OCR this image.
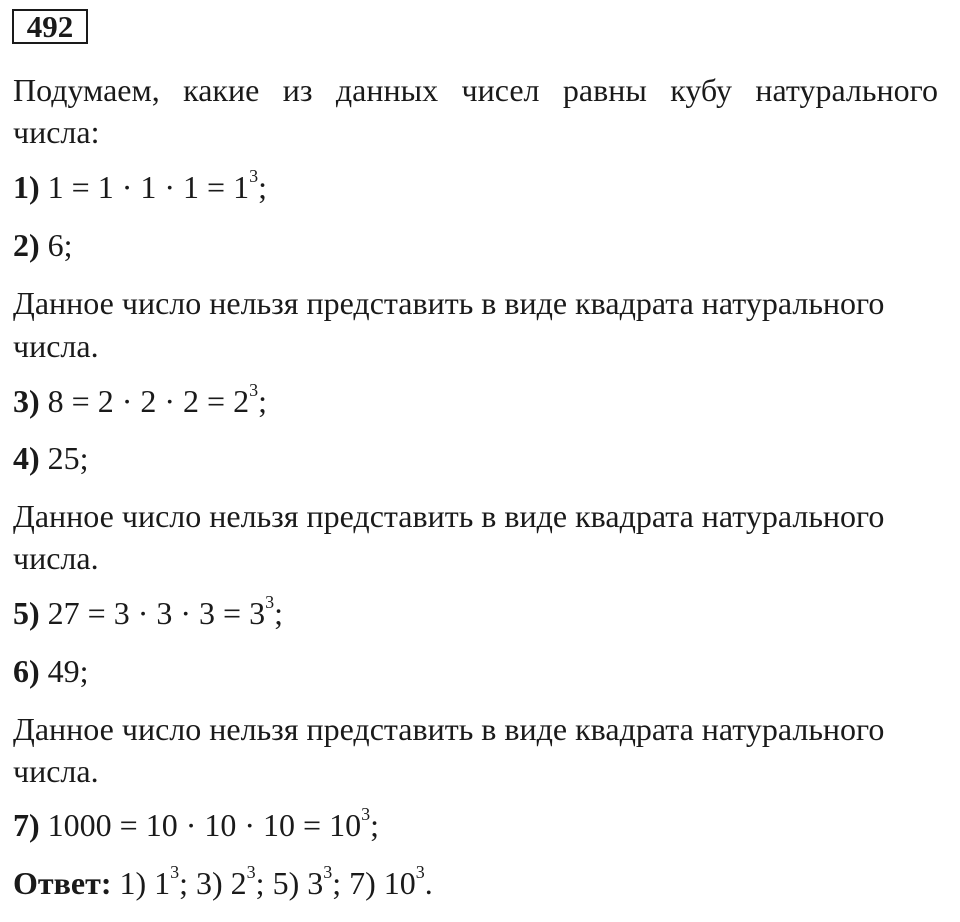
492
Подумаем, какие из данных чисел равны кубу натурального
числа:
1) $1 = 1 \cdot 1 \cdot 1 = 1^3$;
2) 6;
Данное число нельзя представить в виде квадрата натурального
числа.
3) $8 = 2 \cdot 2 \cdot 2 = 2^3$;
4) 25;
Данное число нельзя представить в виде квадрата натурального
числа.
5) $27 = 3 \cdot 3 \cdot 3 = 3^3$;
6) 49;
Данное число нельзя представить в виде квадрата натурального
числа.
7) $1000 = 10 \cdot 10 \cdot 10 = 10^3$;
Ответ: 1) $1^3$; 3) $2^3$; 5) $3^3$; 7) $10^3$.
